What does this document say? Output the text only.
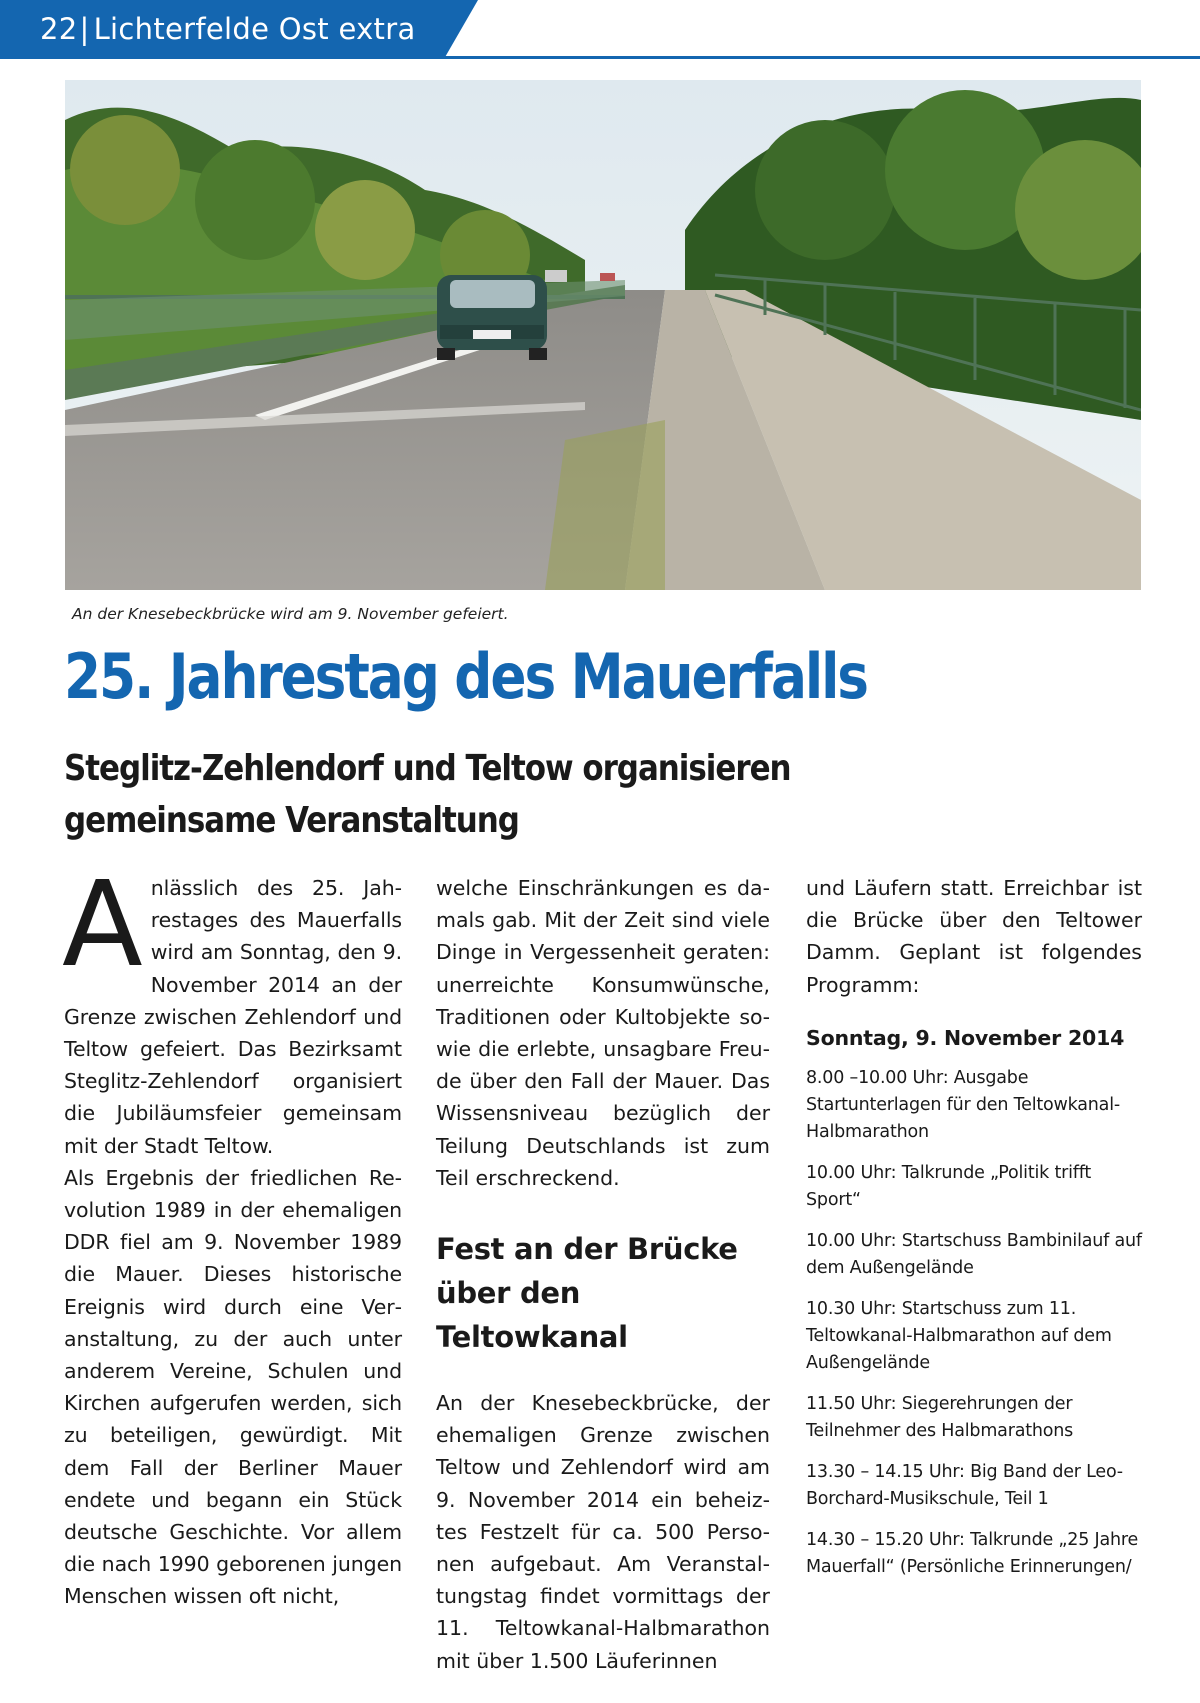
22| Lichterfelde Ost extra
An der Knesebeckbrücke wird am 9. November gefeiert.
25. Jahrestag des Mauerfalls
Steglitz-Zehlendorf und Teltow organisieren gemeinsame Veranstaltung
A nlässlich des 25. Jahrestages des Mauerfalls wird am Sonntag, den 9. November 2014 an der Grenze zwischen Zehlendorf und Teltow gefeiert. Das Bezirksamt Steglitz-Zehlendorf organisiert die Jubiläumsfeier gemeinsam mit der Stadt Teltow.

Als Ergebnis der friedlichen Revolution 1989 in der ehemaligen DDR fiel am 9. November 1989 die Mauer. Dieses historische Ereignis wird durch eine Veranstaltung, zu der auch unter anderem Vereine, Schulen und Kirchen aufgerufen werden, sich zu beteiligen, gewürdigt. Mit dem Fall der Berliner Mauer endete und begann ein Stück deutsche Geschichte. Vor allem die nach 1990 geborenen jungen Menschen wissen oft nicht,

welche Einschränkungen es damals gab. Mit der Zeit sind viele Dinge in Vergessenheit geraten: unerreichte Konsumwünsche, Traditionen oder Kultobjekte sowie die erlebte, unsagbare Freude über den Fall der Mauer. Das Wissensniveau bezüglich der Teilung Deutschlands ist zum Teil erschreckend.

Fest an der Brücke über den Teltowkanal

An der Knesebeckbrücke, der ehemaligen Grenze zwischen Teltow und Zehlendorf wird am 9. November 2014 ein beheiztes Festzelt für ca. 500 Personen aufgebaut. Am Veranstaltungstag findet vormittags der 11. Teltowkanal-Halbmarathon mit über 1.500 Läuferinnen

und Läufern statt. Erreichbar ist die Brücke über den Teltower Damm. Geplant ist folgendes Programm:

Sonntag, 9. November 2014
8.00 –10.00 Uhr: Ausgabe Startunterlagen für den Teltowkanal-Halbmarathon
10.00 Uhr: Talkrunde „Politik trifft Sport“
10.00 Uhr: Startschuss Bambinilauf auf dem Außengelände
10.30 Uhr: Startschuss zum 11. Teltowkanal-Halbmarathon auf dem Außengelände
11.50 Uhr: Siegerehrungen der Teilnehmer des Halbmarathons
13.30 – 14.15 Uhr: Big Band der Leo-Borchard-Musikschule, Teil 1
14.30 – 15.20 Uhr: Talkrunde „25 Jahre Mauerfall“ (Persönliche Erinnerungen/
